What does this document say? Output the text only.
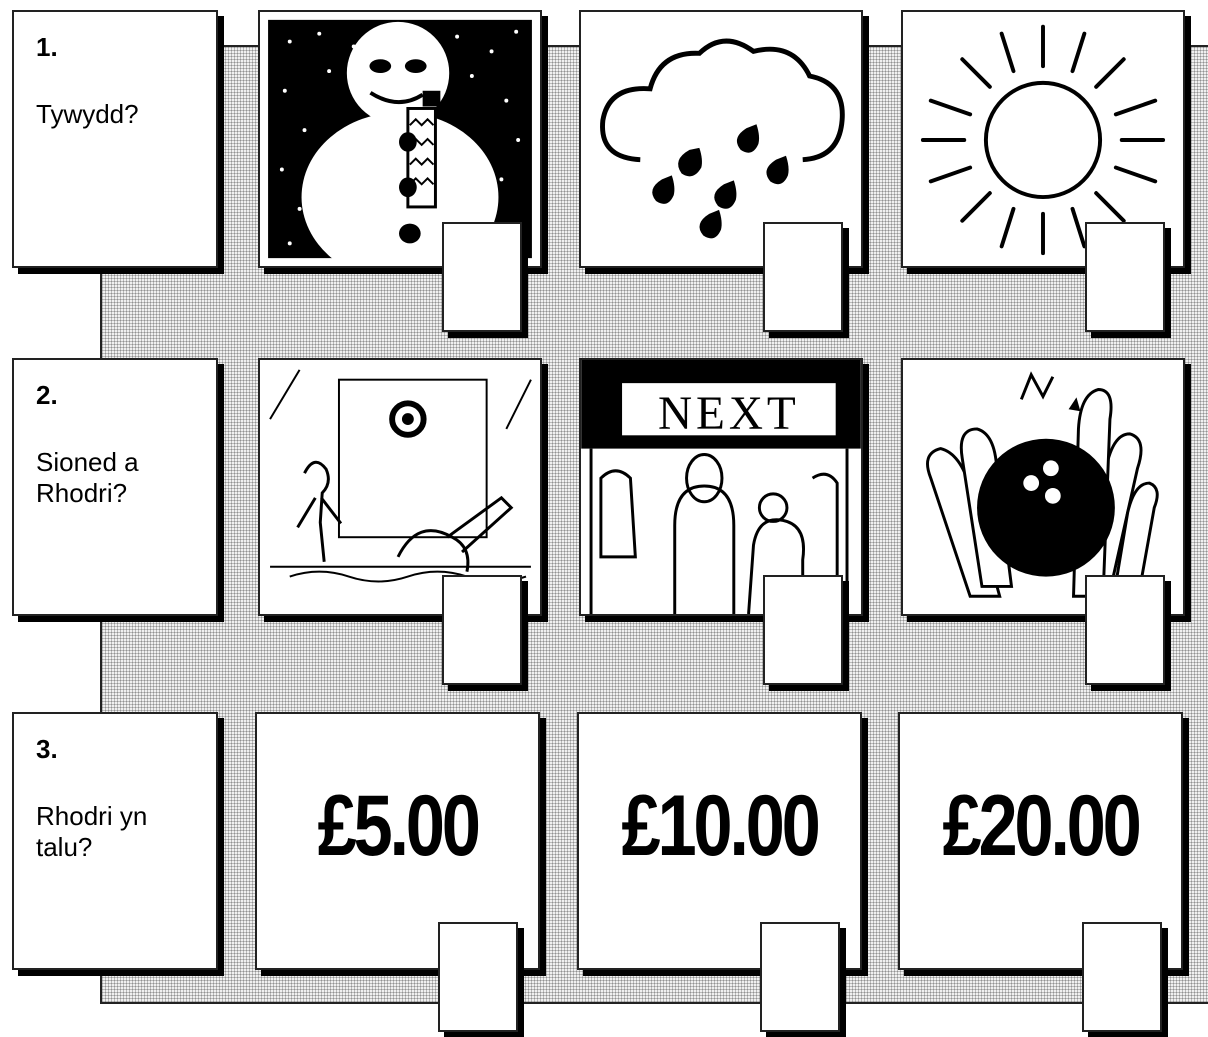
1.
Tywydd?
2.
Sioned a
Rhodri?
NEXT
3.
Rhodri yn
talu?	£5.00 £10.00 £20.00
